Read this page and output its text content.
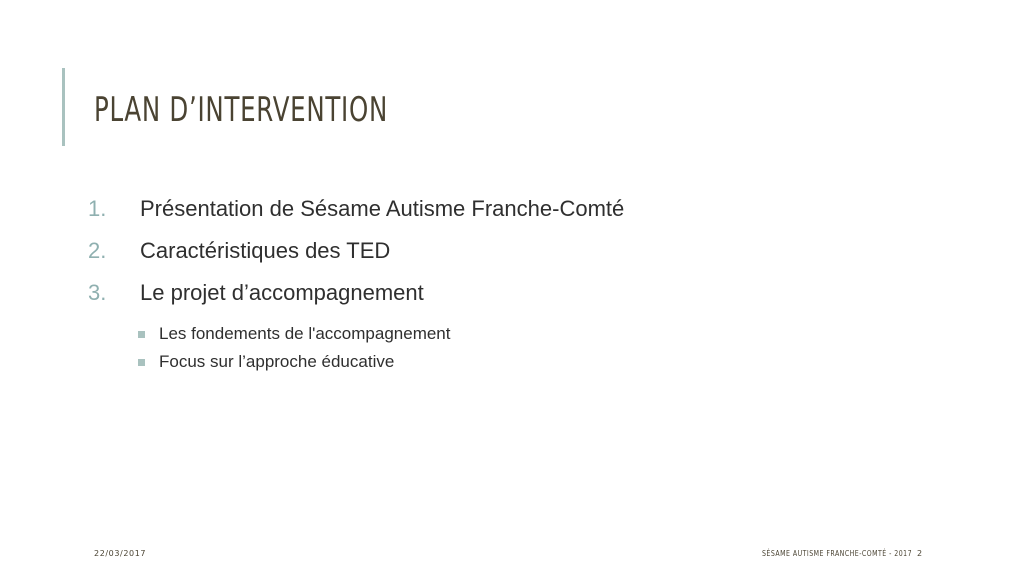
PLAN D’INTERVENTION
1.	Présentation de Sésame Autisme Franche-Comté
2.	Caractéristiques des TED
3.	Le projet d’accompagnement
Les fondements de l'accompagnement
Focus sur l’approche éducative
22/03/2017	SÉSAME AUTISME FRANCHE-COMTÉ - 2017 2
